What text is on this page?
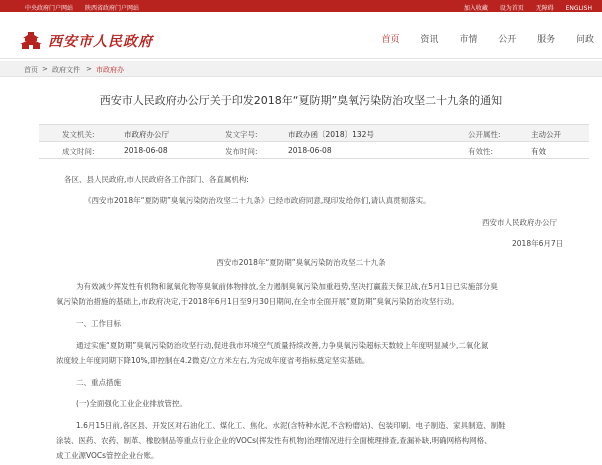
中央政府门户网站 陕西省政府门户网站	加入收藏 设为首页 无障碍 ENGLISH
西安市人民政府	首页 资讯 市情 公开 服务 问政
首页 > 政府文件 > 市政府办
西安市人民政府办公厅关于印发2018年“夏防期”臭氧污染防治攻坚二十九条的通知
发文机关:	市政府办公厅	发文字号:	市政办函〔2018〕132号	公开属性:	主动公开
成文时间:	2018-06-08	发布时间:	2018-06-08	有效性:	有效

各区、县人民政府,市人民政府各工作部门、各直属机构:

《西安市2018年“夏防期”臭氧污染防治攻坚二十九条》已经市政府同意,现印发给你们,请认真贯彻落实。

西安市人民政府办公厅

2018年6月7日

西安市2018年“夏防期”臭氧污染防治攻坚二十九条

为有效减少挥发性有机物和氮氧化物等臭氧前体物排放,全力遏制臭氧污染加重趋势,坚决打赢蓝天保卫战,在5月1日已实施部分臭

氧污染防治措施的基础上,市政府决定,于2018年6月1日至9月30日期间,在全市全面开展“夏防期”臭氧污染防治攻坚行动。

一、工作目标

通过实施“夏防期”臭氧污染防治攻坚行动,促进我市环境空气质量持续改善,力争臭氧污染超标天数较上年度明显减少,二氧化氮

浓度较上年度同期下降10%,即控制在4.2微克/立方米左右,为完成年度省考指标奠定坚实基础。

二、重点措施

(一)全面强化工业企业排放管控。

1.6月15日前,各区县、开发区对石油化工、煤化工、焦化、水泥(含特种水泥,不含粉磨站)、包装印刷、电子制造、家具制造、制鞋

涂装、医药、农药、制革、橡胶制品等重点行业企业的VOCs(挥发性有机物)治理情况进行全面梳理排查,查漏补缺,明确网格构网格、

成工业源VOCs管控企业台账。
